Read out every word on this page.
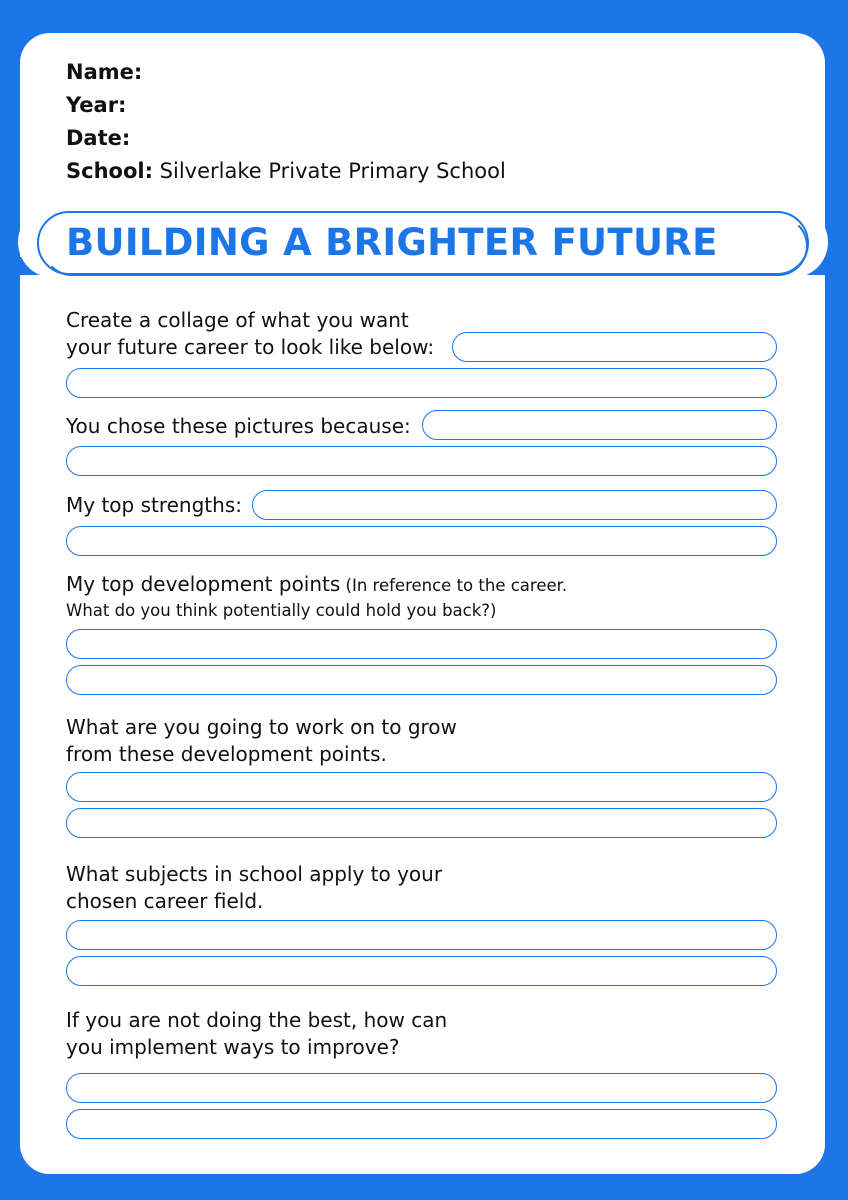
Name:
Year:
Date:
School: Silverlake Private Primary School
BUILDING A BRIGHTER FUTURE
Create a collage of what you want
your future career to look like below:
You chose these pictures because:
My top strengths:
My top development points (In reference to the career.
What do you think potentially could hold you back?)
What are you going to work on to grow
from these development points.
What subjects in school apply to your
chosen career field.
If you are not doing the best, how can
you implement ways to improve?
